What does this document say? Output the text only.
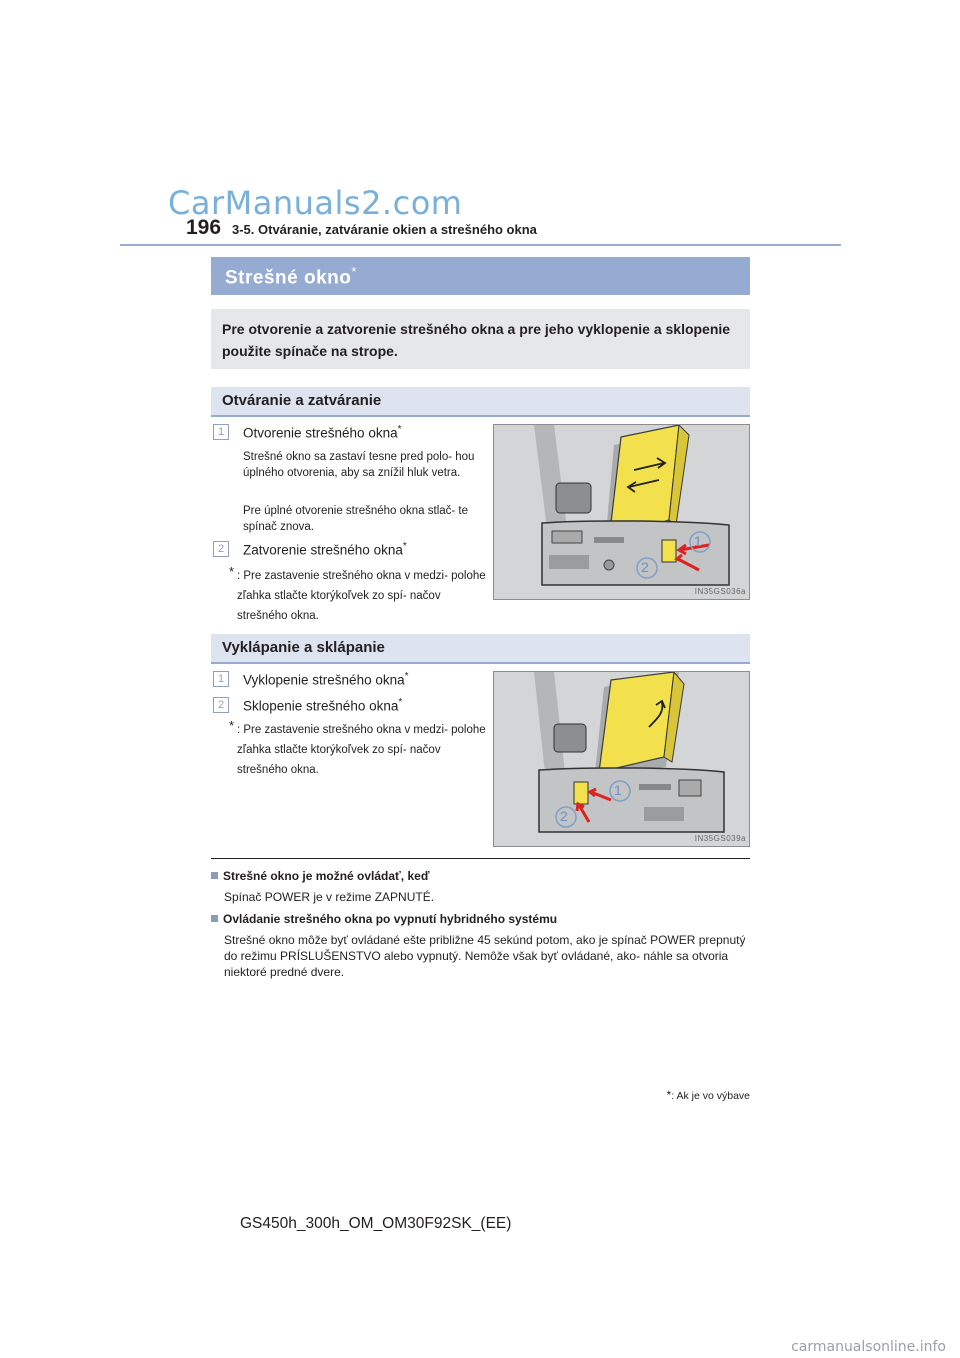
CarManuals2.com
196 3-5. Otváranie, zatváranie okien a strešného okna
Strešné okno*
Pre otvorenie a zatvorenie strešného okna a pre jeho vyklopenie a sklopenie použite spínače na strope.
Otváranie a zatváranie
1	Otvorenie strešného okna*
Strešné okno sa zastaví tesne pred polo- hou úplného otvorenia, aby sa znížil hluk vetra.
Pre úplné otvorenie strešného okna stlač- te spínač znova.
2	Zatvorenie strešného okna*
* : Pre zastavenie strešného okna v medzi- polohe zľahka stlačte ktorýkoľvek zo spí- načov strešného okna.
1
2
IN35GS036a
Vyklápanie a sklápanie
1	Vyklopenie strešného okna*
2	Sklopenie strešného okna*
* : Pre zastavenie strešného okna v medzi- polohe zľahka stlačte ktorýkoľvek zo spí- načov strešného okna.
1
2
IN35GS039a
Strešné okno je možné ovládať, keď
Spínač POWER je v režime ZAPNUTÉ.
Ovládanie strešného okna po vypnutí hybridného systému
Strešné okno môže byť ovládané ešte približne 45 sekúnd potom, ako je spínač POWER prepnutý do režimu PRÍSLUŠENSTVO alebo vypnutý. Nemôže však byť ovládané, ako- náhle sa otvoria niektoré predné dvere.
*: Ak je vo výbave
GS450h_300h_OM_OM30F92SK_(EE)
carmanualsonline.info
